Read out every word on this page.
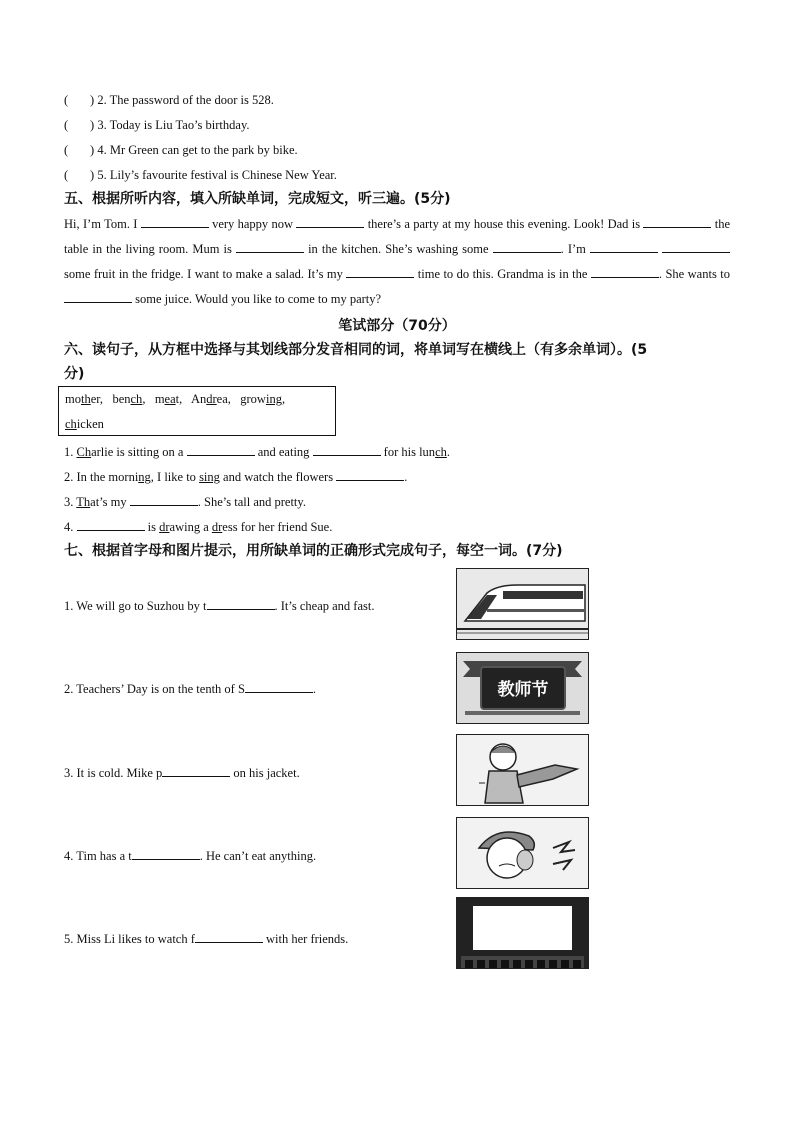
( ) 2. The password of the door is 528.
( ) 3. Today is Liu Tao’s birthday.
( ) 4. Mr Green can get to the park by bike.
( ) 5. Lily’s favourite festival is Chinese New Year.
五、根据所听内容，填入所缺单词，完成短文，听三遍。(5分)
Hi, I’m Tom. I	very happy now	there’s a party at my house this evening. Look! Dad is	the table in the living room. Mum is	in the kitchen. She’s washing some	. I’m   some fruit in the fridge. I want to make a salad. It’s my	time to do this. Grandma is in the	. She wants to some juice. Would you like to come to my party?
笔试部分（70分）
六、读句子，从方框中选择与其划线部分发音相同的词，将单词写在横线上（有多余单词）。(5
分)
mother, bench, meat, Andrea, growing,
chicken
1. Charlie is sitting on a	and eating	for his lunch.
2. In the morning, I like to sing and watch the flowers	.
3. That’s my	. She’s tall and pretty.
4.	is drawing a dress for her friend Sue.
七、根据首字母和图片提示，用所缺单词的正确形式完成句子，每空一词。(7分)
1. We will go to Suzhou by t	. It’s cheap and fast.
2. Teachers’ Day is on the tenth of S	.
3. It is cold. Mike p	on his jacket.
4. Tim has a t	. He can’t eat anything.
5. Miss Li likes to watch f	with her friends.
教师节
